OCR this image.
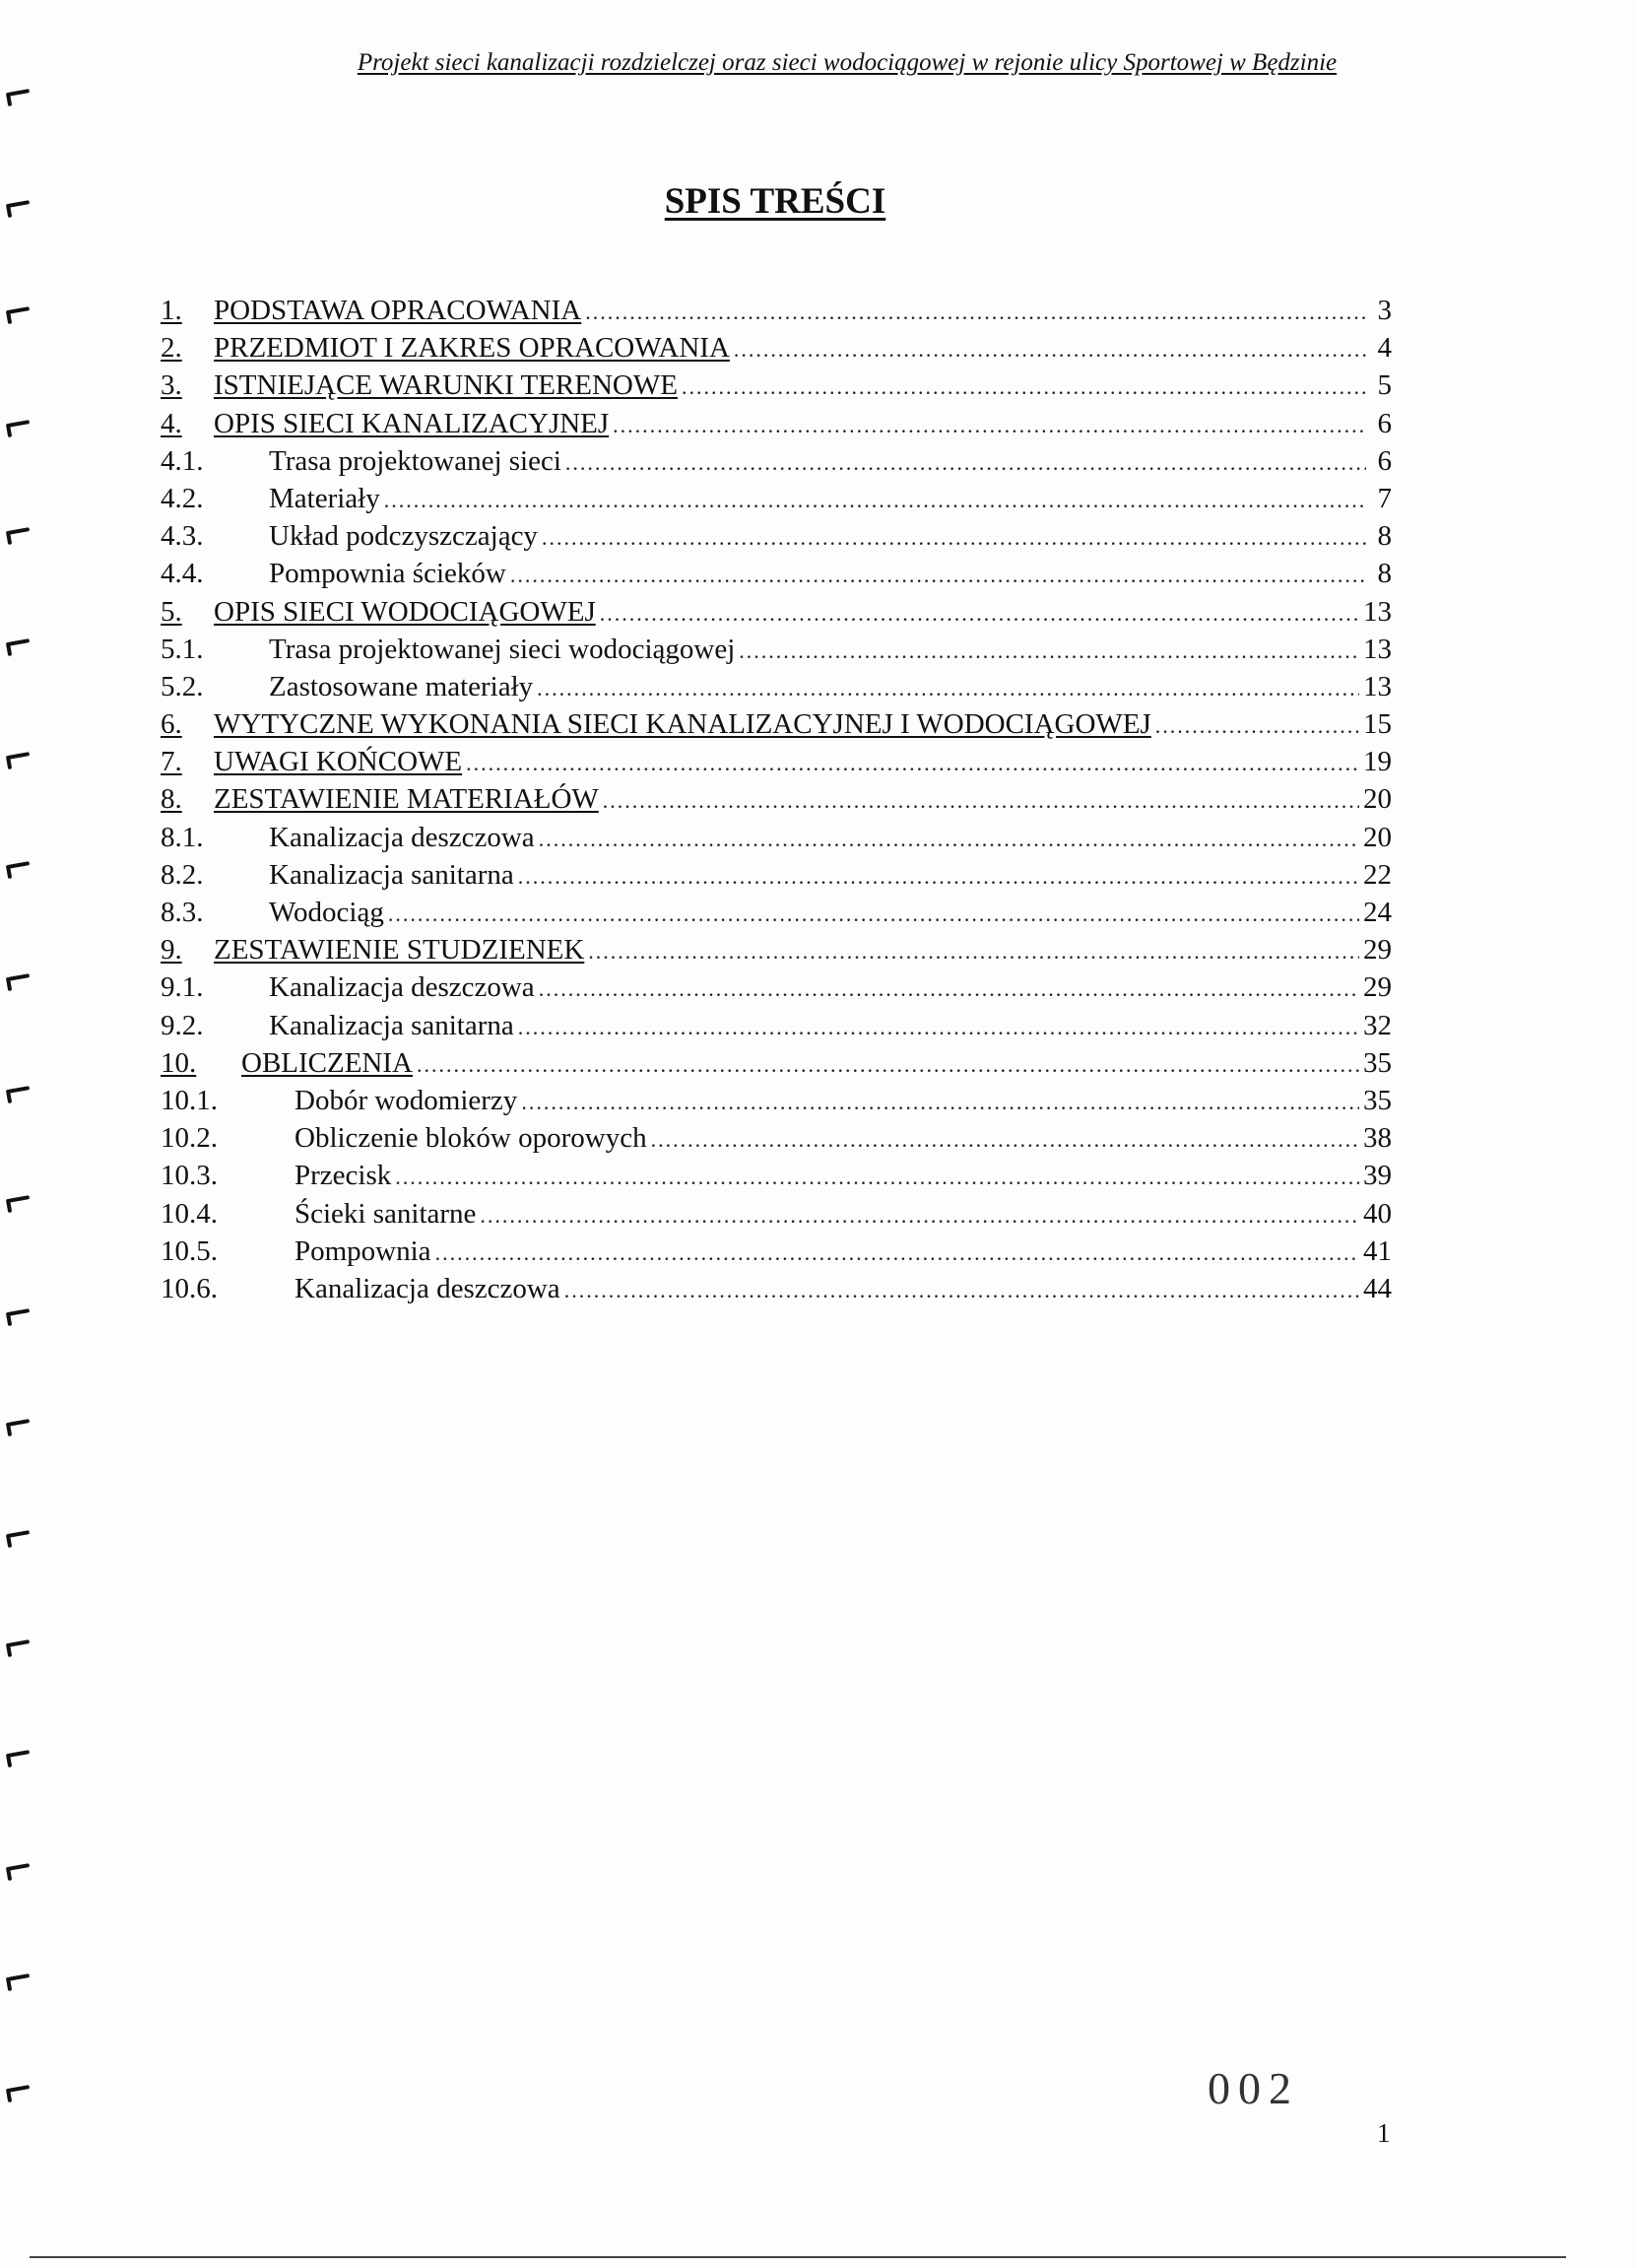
Projekt sieci kanalizacji rozdzielczej oraz sieci wodociągowej w rejonie ulicy Sportowej w Będzinie
SPIS TREŚCI
1.	PODSTAWA OPRACOWANIA .....	3
2.	PRZEDMIOT I ZAKRES OPRACOWANIA .....	4
3.	ISTNIEJĄCE WARUNKI TERENOWE .....	5
4.	OPIS SIECI KANALIZACYJNEJ .....	6
4.1.	Trasa projektowanej sieci .....	6
4.2.	Materiały .....	7
4.3.	Układ podczyszczający .....	8
4.4.	Pompownia ścieków .....	8
5.	OPIS SIECI WODOCIĄGOWEJ .....	13
5.1.	Trasa projektowanej sieci wodociągowej .....	13
5.2.	Zastosowane materiały .....	13
6.	WYTYCZNE WYKONANIA SIECI KANALIZACYJNEJ I WODOCIĄGOWEJ .....	15
7.	UWAGI KOŃCOWE .....	19
8.	ZESTAWIENIE MATERIAŁÓW .....	20
8.1.	Kanalizacja deszczowa .....	20
8.2.	Kanalizacja sanitarna .....	22
8.3.	Wodociąg .....	24
9.	ZESTAWIENIE STUDZIENEK .....	29
9.1.	Kanalizacja deszczowa .....	29
9.2.	Kanalizacja sanitarna .....	32
10.	OBLICZENIA .....	35
10.1.	Dobór wodomierzy .....	35
10.2.	Obliczenie bloków oporowych .....	38
10.3.	Przecisk .....	39
10.4.	Ścieki sanitarne .....	40
10.5.	Pompownia .....	41
10.6.	Kanalizacja deszczowa .....	44
002
1
